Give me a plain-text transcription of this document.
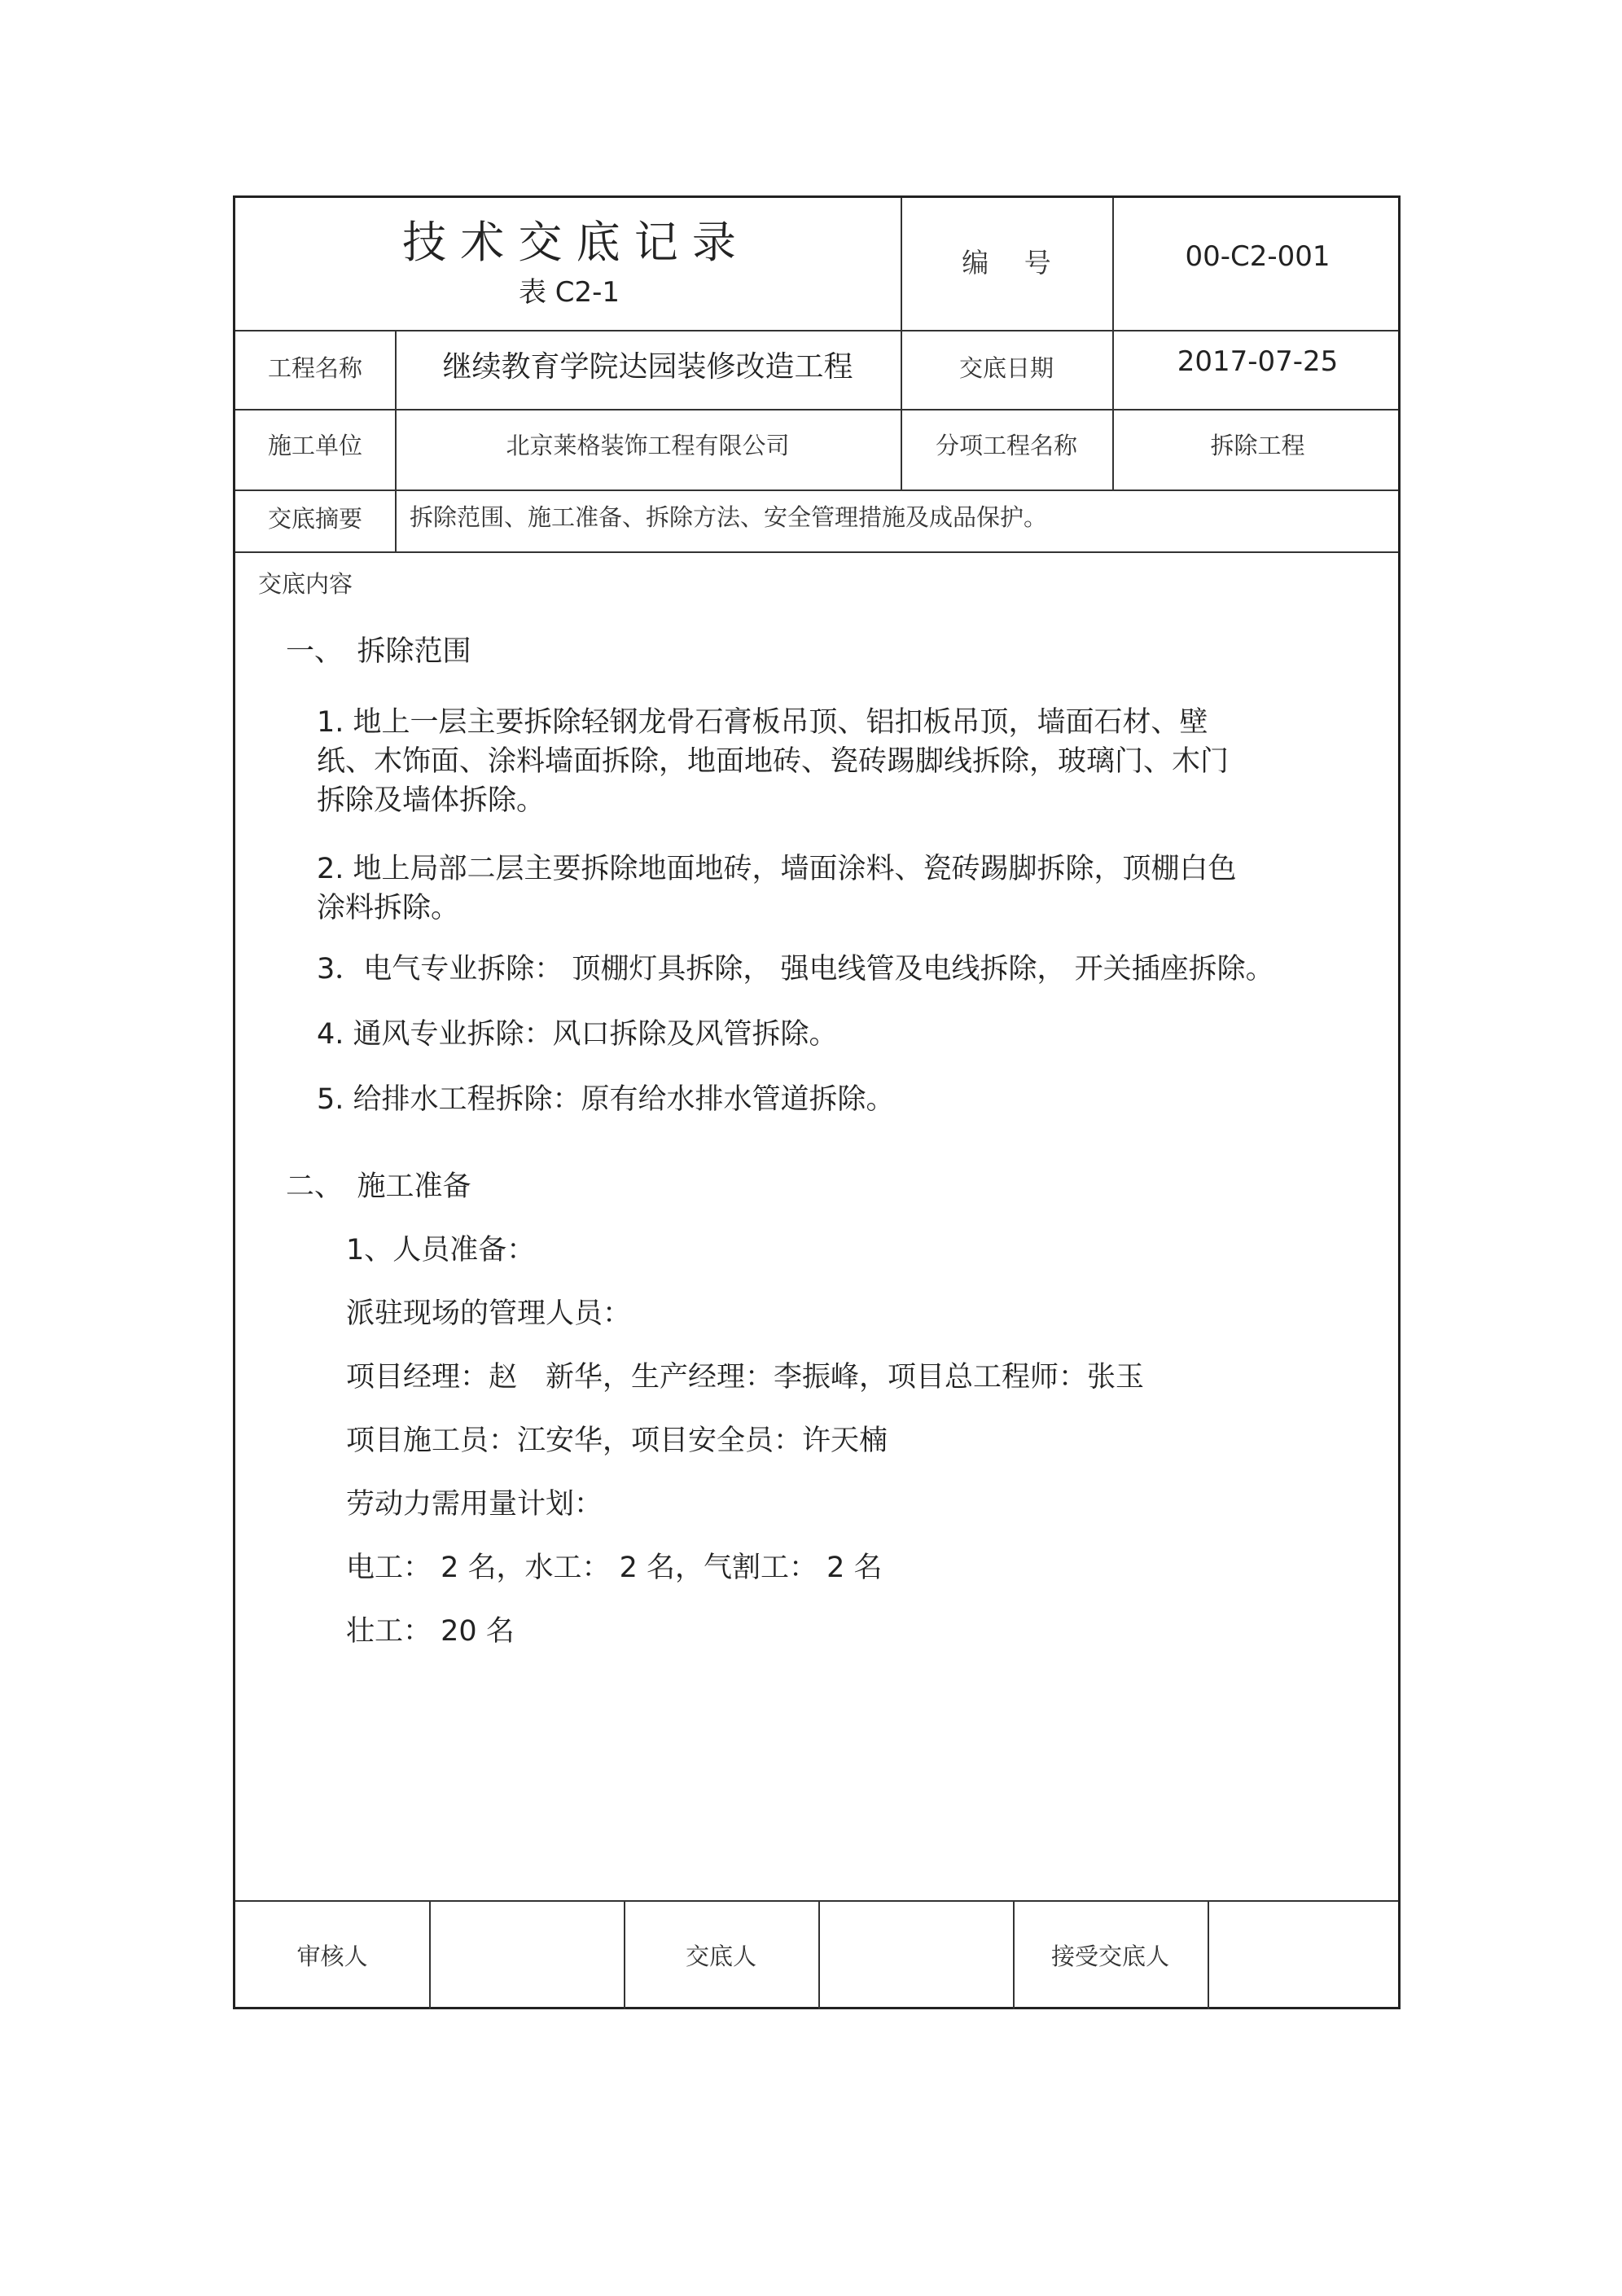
技 术 交 底 记 录
表 C2-1
编　 号	00-C2-001
工程名称	继续教育学院达园装修改造工程	交底日期	2017-07-25
施工单位	北京莱格装饰工程有限公司	分项工程名称	拆除工程
交底摘要	拆除范围、施工准备、拆除方法、安全管理措施及成品保护。
交底内容
一、　拆除范围
1. 地上一层主要拆除轻钢龙骨石膏板吊顶、铝扣板吊顶，墙面石材、壁纸、木饰面、涂料墙面拆除，地面地砖、瓷砖踢脚线拆除，玻璃门、木门拆除及墙体拆除。
2. 地上局部二层主要拆除地面地砖，墙面涂料、瓷砖踢脚拆除，顶棚白色涂料拆除。
3．电气专业拆除： 顶棚灯具拆除， 强电线管及电线拆除， 开关插座拆除。
4. 通风专业拆除：风口拆除及风管拆除。
5. 给排水工程拆除：原有给水排水管道拆除。
二、　施工准备
1、人员准备：
派驻现场的管理人员：
项目经理：赵　新华，生产经理：李振峰，项目总工程师：张玉
项目施工员：江安华，项目安全员：许天楠
劳动力需用量计划：
电工： 2 名，水工： 2 名，气割工： 2 名
壮工： 20 名
审核人	交底人	接受交底人
